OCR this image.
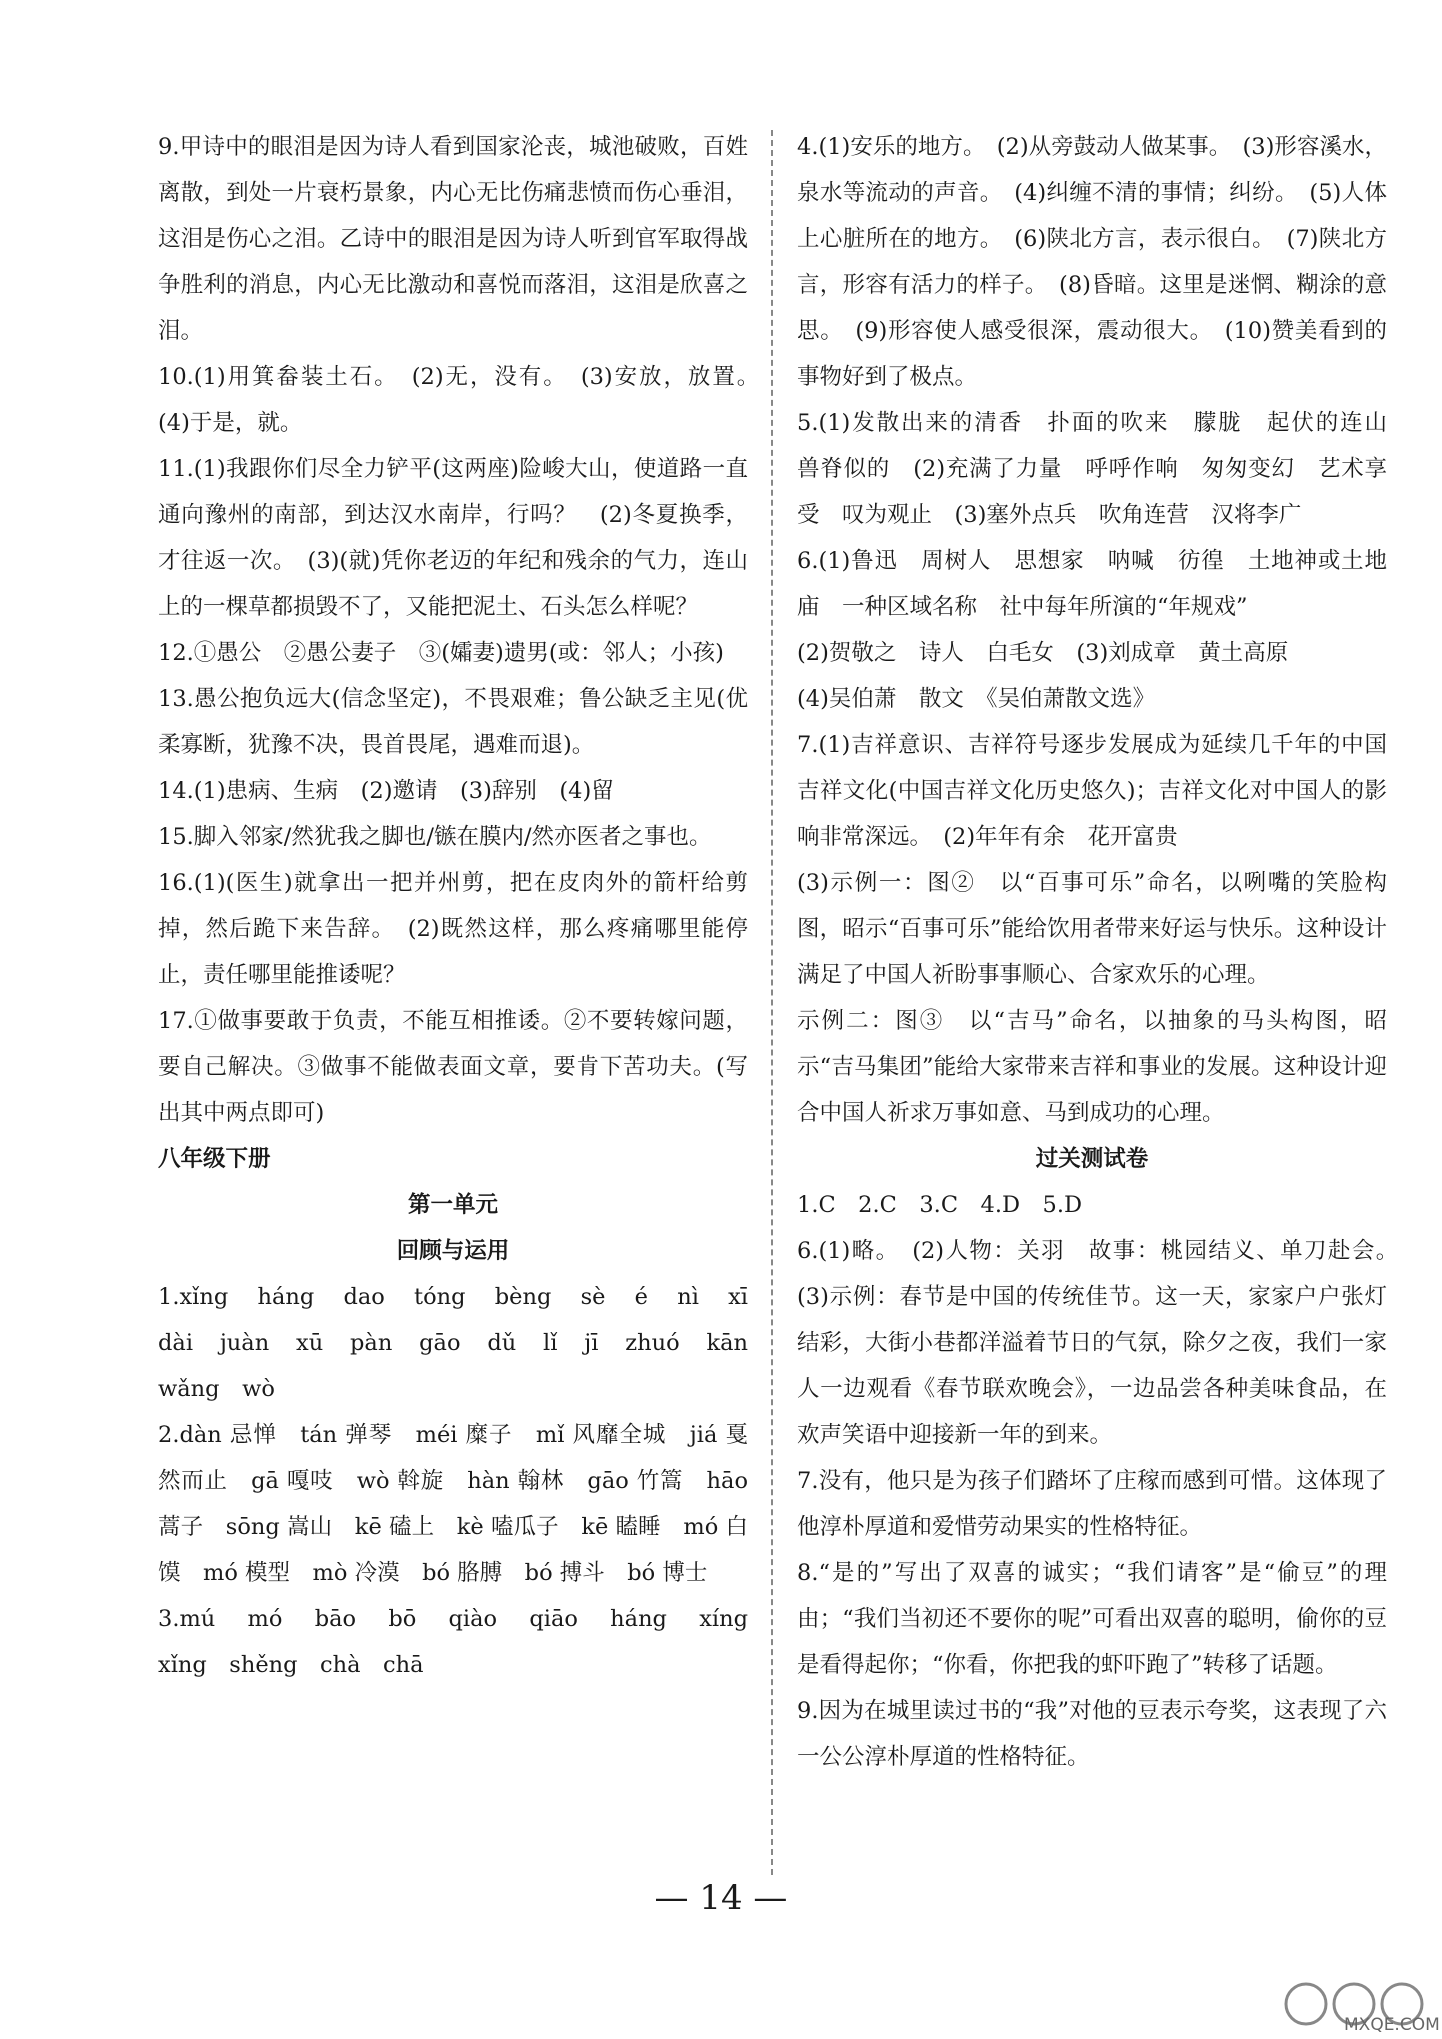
9.甲诗中的眼泪是因为诗人看到国家沦丧，城池破败，百姓离散，到处一片衰朽景象，内心无比伤痛悲愤而伤心垂泪，这泪是伤心之泪。乙诗中的眼泪是因为诗人听到官军取得战争胜利的消息，内心无比激动和喜悦而落泪，这泪是欣喜之泪。

10.(1)用箕畚装土石。　(2)无，没有。　(3)安放，放置。　(4)于是，就。

11.(1)我跟你们尽全力铲平(这两座)险峻大山，使道路一直通向豫州的南部，到达汉水南岸，行吗？　(2)冬夏换季，才往返一次。　(3)(就)凭你老迈的年纪和残余的气力，连山上的一棵草都损毁不了，又能把泥土、石头怎么样呢？

12.①愚公　②愚公妻子　③(孀妻)遗男(或：邻人；小孩)

13.愚公抱负远大(信念坚定)，不畏艰难；鲁公缺乏主见(优柔寡断，犹豫不决，畏首畏尾，遇难而退)。

14.(1)患病、生病　(2)邀请　(3)辞别　(4)留

15.脚入邻家/然犹我之脚也/镞在膜内/然亦医者之事也。

16.(1)(医生)就拿出一把并州剪，把在皮肉外的箭杆给剪掉，然后跪下来告辞。　(2)既然这样，那么疼痛哪里能停止，责任哪里能推诿呢？

17.①做事要敢于负责，不能互相推诿。②不要转嫁问题，要自己解决。③做事不能做表面文章，要肯下苦功夫。(写出其中两点即可)

八年级下册

第一单元

回顾与运用

1.xǐng　háng　dao　tóng　bèng　sè　é　nì　xī　dài　juàn　xū　pàn　gāo　dǔ　lǐ　jī　zhuó　kān　wǎng　wò

2.dàn 忌惮　tán 弹琴　méi 糜子　mǐ 风靡全城　jiá 戛然而止　gā 嘎吱　wò 斡旋　hàn 翰林　gāo 竹篙　hāo 蒿子　sōng 嵩山　kē 磕上　kè 嗑瓜子　kē 瞌睡　mó 白馍　mó 模型　mò 冷漠　bó 胳膊　bó 搏斗　bó 博士

3.mú　mó　bāo　bō　qiào　qiāo　háng　xíng　xǐng　shěng　chà　chā

4.(1)安乐的地方。　(2)从旁鼓动人做某事。　(3)形容溪水，泉水等流动的声音。　(4)纠缠不清的事情；纠纷。　(5)人体上心脏所在的地方。　(6)陕北方言，表示很白。　(7)陕北方言，形容有活力的样子。　(8)昏暗。这里是迷惘、糊涂的意思。　(9)形容使人感受很深，震动很大。　(10)赞美看到的事物好到了极点。

5.(1)发散出来的清香　扑面的吹来　朦胧　起伏的连山　兽脊似的　(2)充满了力量　呼呼作响　匆匆变幻　艺术享受　叹为观止　(3)塞外点兵　吹角连营　汉将李广

6.(1)鲁迅　周树人　思想家　呐喊　彷徨　土地神或土地庙　一种区域名称　社中每年所演的“年规戏”

(2)贺敬之　诗人　白毛女　(3)刘成章　黄土高原

(4)吴伯萧　散文　《吴伯萧散文选》

7.(1)吉祥意识、吉祥符号逐步发展成为延续几千年的中国吉祥文化(中国吉祥文化历史悠久)；吉祥文化对中国人的影响非常深远。　(2)年年有余　花开富贵

(3)示例一：图②　以“百事可乐”命名，以咧嘴的笑脸构图，昭示“百事可乐”能给饮用者带来好运与快乐。这种设计满足了中国人祈盼事事顺心、合家欢乐的心理。

示例二：图③　以“吉马”命名，以抽象的马头构图，昭示“吉马集团”能给大家带来吉祥和事业的发展。这种设计迎合中国人祈求万事如意、马到成功的心理。

过关测试卷

1.C　2.C　3.C　4.D　5.D

6.(1)略。　(2)人物：关羽　故事：桃园结义、单刀赴会。　(3)示例：春节是中国的传统佳节。这一天，家家户户张灯结彩，大街小巷都洋溢着节日的气氛，除夕之夜，我们一家人一边观看《春节联欢晚会》，一边品尝各种美味食品，在欢声笑语中迎接新一年的到来。

7.没有，他只是为孩子们踏坏了庄稼而感到可惜。这体现了他淳朴厚道和爱惜劳动果实的性格特征。

8.“是的”写出了双喜的诚实；“我们请客”是“偷豆”的理由；“我们当初还不要你的呢”可看出双喜的聪明，偷你的豆是看得起你；“你看，你把我的虾吓跑了”转移了话题。

9.因为在城里读过书的“我”对他的豆表示夸奖，这表现了六一公公淳朴厚道的性格特征。

— 14 —
MXQE.COM
